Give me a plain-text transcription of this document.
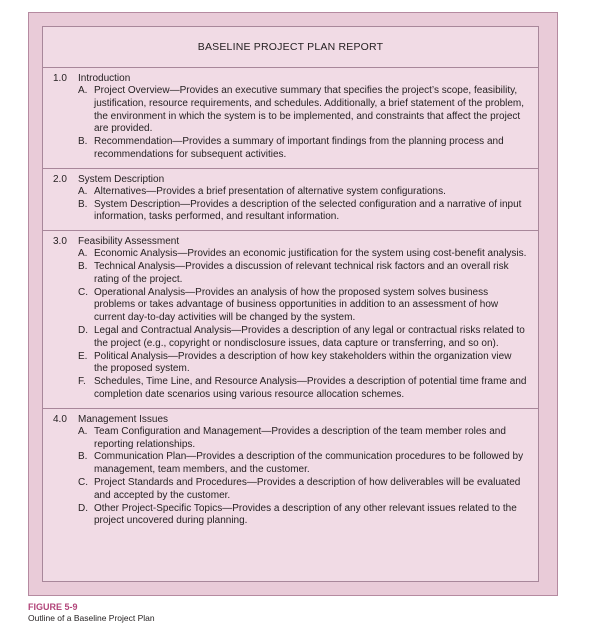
BASELINE PROJECT PLAN REPORT
1.0	Introduction
A. Project Overview—Provides an executive summary that specifies the project’s scope, feasibility, justification, resource requirements, and schedules. Additionally, a brief statement of the problem, the environment in which the system is to be implemented, and constraints that affect the project are provided.
B. Recommendation—Provides a summary of important findings from the planning process and recommendations for subsequent activities.
2.0	System Description
A. Alternatives—Provides a brief presentation of alternative system configurations.
B. System Description—Provides a description of the selected configuration and a narrative of input information, tasks performed, and resultant information.
3.0	Feasibility Assessment
A. Economic Analysis—Provides an economic justification for the system using cost-benefit analysis.
B. Technical Analysis—Provides a discussion of relevant technical risk factors and an overall risk rating of the project.
C. Operational Analysis—Provides an analysis of how the proposed system solves business problems or takes advantage of business opportunities in addition to an assessment of how current day-to-day activities will be changed by the system.
D. Legal and Contractual Analysis—Provides a description of any legal or contractual risks related to the project (e.g., copyright or nondisclosure issues, data capture or transferring, and so on).
E. Political Analysis—Provides a description of how key stakeholders within the organization view the proposed system.
F. Schedules, Time Line, and Resource Analysis—Provides a description of potential time frame and completion date scenarios using various resource allocation schemes.
4.0	Management Issues
A. Team Configuration and Management—Provides a description of the team member roles and reporting relationships.
B. Communication Plan—Provides a description of the communication procedures to be followed by management, team members, and the customer.
C. Project Standards and Procedures—Provides a description of how deliverables will be evaluated and accepted by the customer.
D. Other Project-Specific Topics—Provides a description of any other relevant issues related to the project uncovered during planning.
FIGURE 5-9
Outline of a Baseline Project Plan
